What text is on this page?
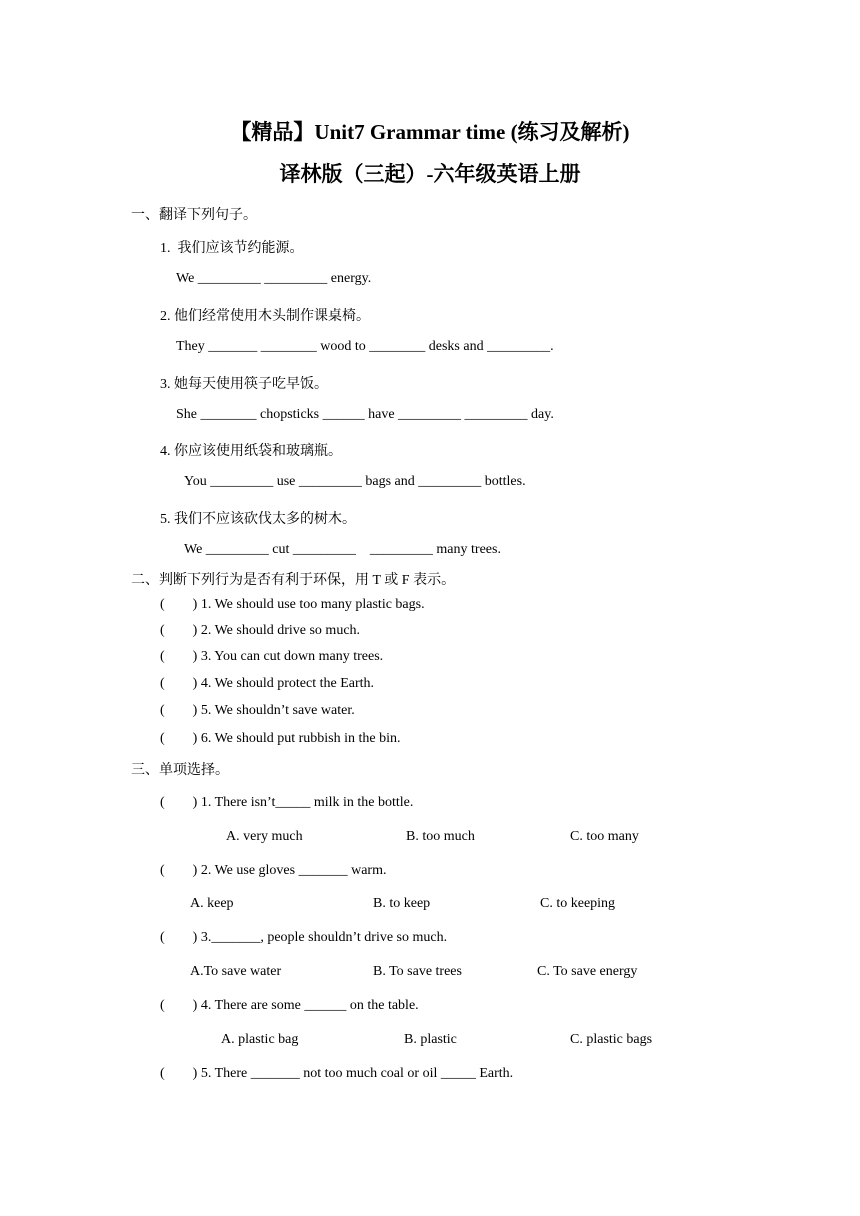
【精品】Unit7 Grammar time (练习及解析)
译林版（三起）-六年级英语上册
一、翻译下列句子。
1.  我们应该节约能源。
We _________ _________ energy.
2. 他们经常使用木头制作课桌椅。
They _______ ________ wood to ________ desks and _________.
3. 她每天使用筷子吃早饭。
She ________ chopsticks ______ have _________ _________ day.
4. 你应该使用纸袋和玻璃瓶。
You _________ use _________ bags and _________ bottles.
5. 我们不应该砍伐太多的树木。
We _________ cut _________    _________ many trees.
二、判断下列行为是否有利于环保，用 T 或 F 表示。
(        ) 1. We should use too many plastic bags.
(        ) 2. We should drive so much.
(        ) 3. You can cut down many trees.
(        ) 4. We should protect the Earth.
(        ) 5. We shouldn’t save water.
(        ) 6. We should put rubbish in the bin.
三、单项选择。
(        ) 1. There isn’t_____ milk in the bottle.
A. very much	B. too much	C. too many
(        ) 2. We use gloves _______ warm.
A. keep	B. to keep	C. to keeping
(        ) 3._______, people shouldn’t drive so much.
A.To save water	B. To save trees	C. To save energy
(        ) 4. There are some ______ on the table.
A. plastic bag	B. plastic	C. plastic bags
(        ) 5. There _______ not too much coal or oil _____ Earth.
